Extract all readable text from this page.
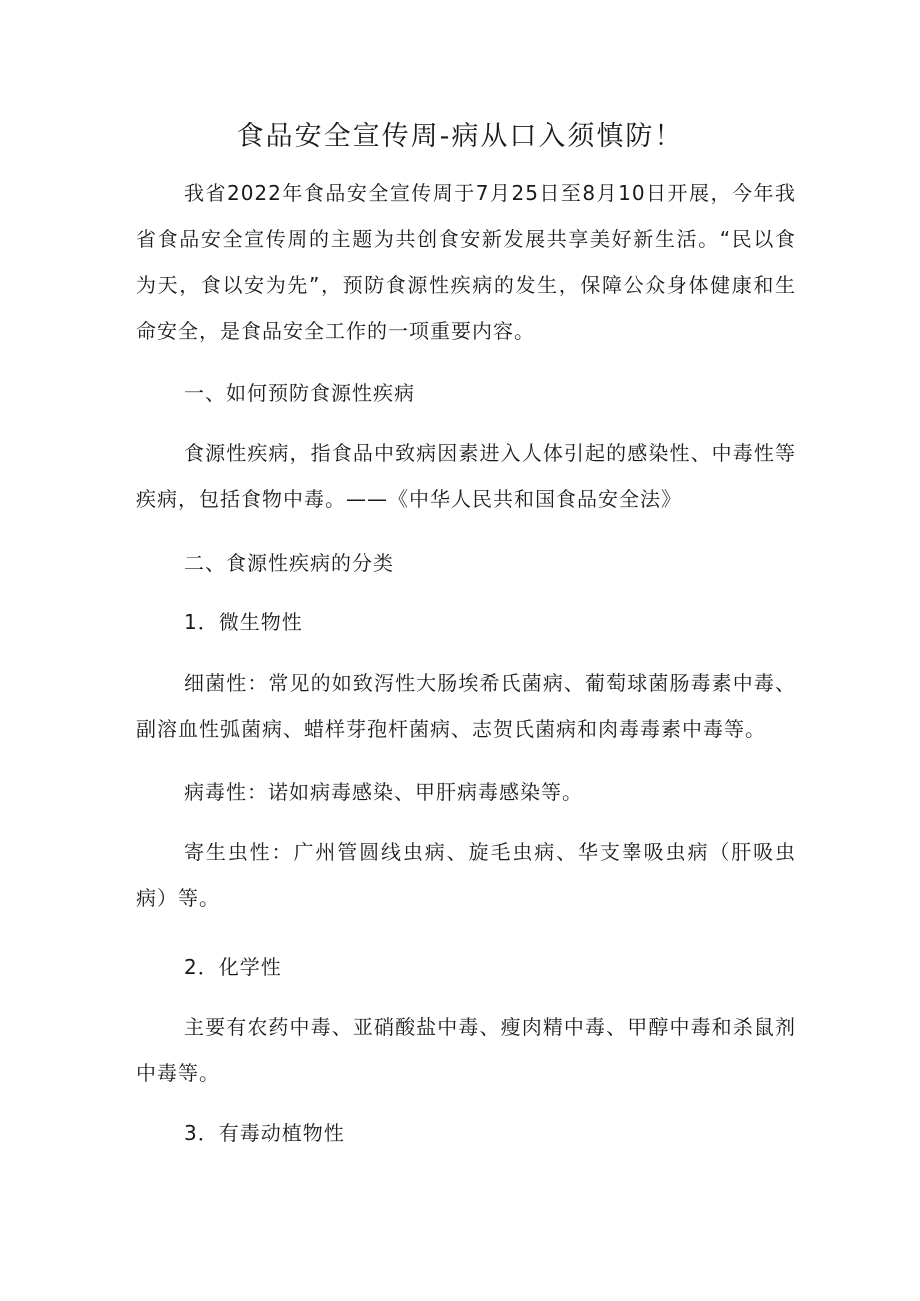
食品安全宣传周-病从口入须慎防！

我省2022年食品安全宣传周于7月25日至8月10日开展，今年我省食品安全宣传周的主题为共创食安新发展共享美好新生活。“民以食为天，食以安为先”，预防食源性疾病的发生，保障公众身体健康和生命安全，是食品安全工作的一项重要内容。

一、如何预防食源性疾病

食源性疾病，指食品中致病因素进入人体引起的感染性、中毒性等疾病，包括食物中毒。——《中华人民共和国食品安全法》

二、食源性疾病的分类
1．微生物性

细菌性：常见的如致泻性大肠埃希氏菌病、葡萄球菌肠毒素中毒、副溶血性弧菌病、蜡样芽孢杆菌病、志贺氏菌病和肉毒毒素中毒等。

病毒性：诺如病毒感染、甲肝病毒感染等。

寄生虫性：广州管圆线虫病、旋毛虫病、华支睾吸虫病（肝吸虫病）等。

2．化学性

主要有农药中毒、亚硝酸盐中毒、瘦肉精中毒、甲醇中毒和杀鼠剂中毒等。

3．有毒动植物性
